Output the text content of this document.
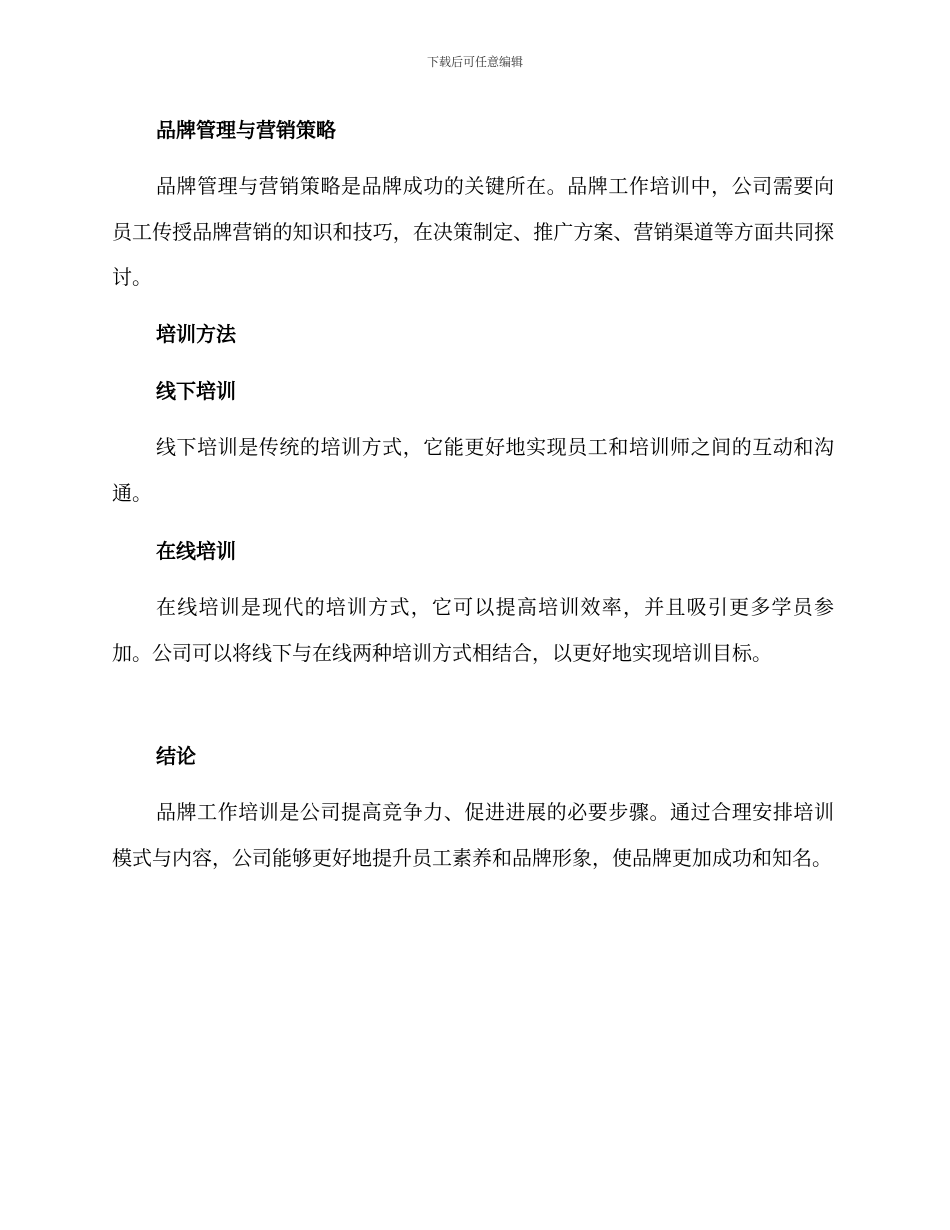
下载后可任意编辑
品牌管理与营销策略
品牌管理与营销策略是品牌成功的关键所在。品牌工作培训中，公司需要向员工传授品牌营销的知识和技巧，在决策制定、推广方案、营销渠道等方面共同探讨。
培训方法
线下培训
线下培训是传统的培训方式，它能更好地实现员工和培训师之间的互动和沟通。
在线培训
在线培训是现代的培训方式，它可以提高培训效率，并且吸引更多学员参加。公司可以将线下与在线两种培训方式相结合，以更好地实现培训目标。
结论
品牌工作培训是公司提高竞争力、促进进展的必要步骤。通过合理安排培训模式与内容，公司能够更好地提升员工素养和品牌形象，使品牌更加成功和知名。
